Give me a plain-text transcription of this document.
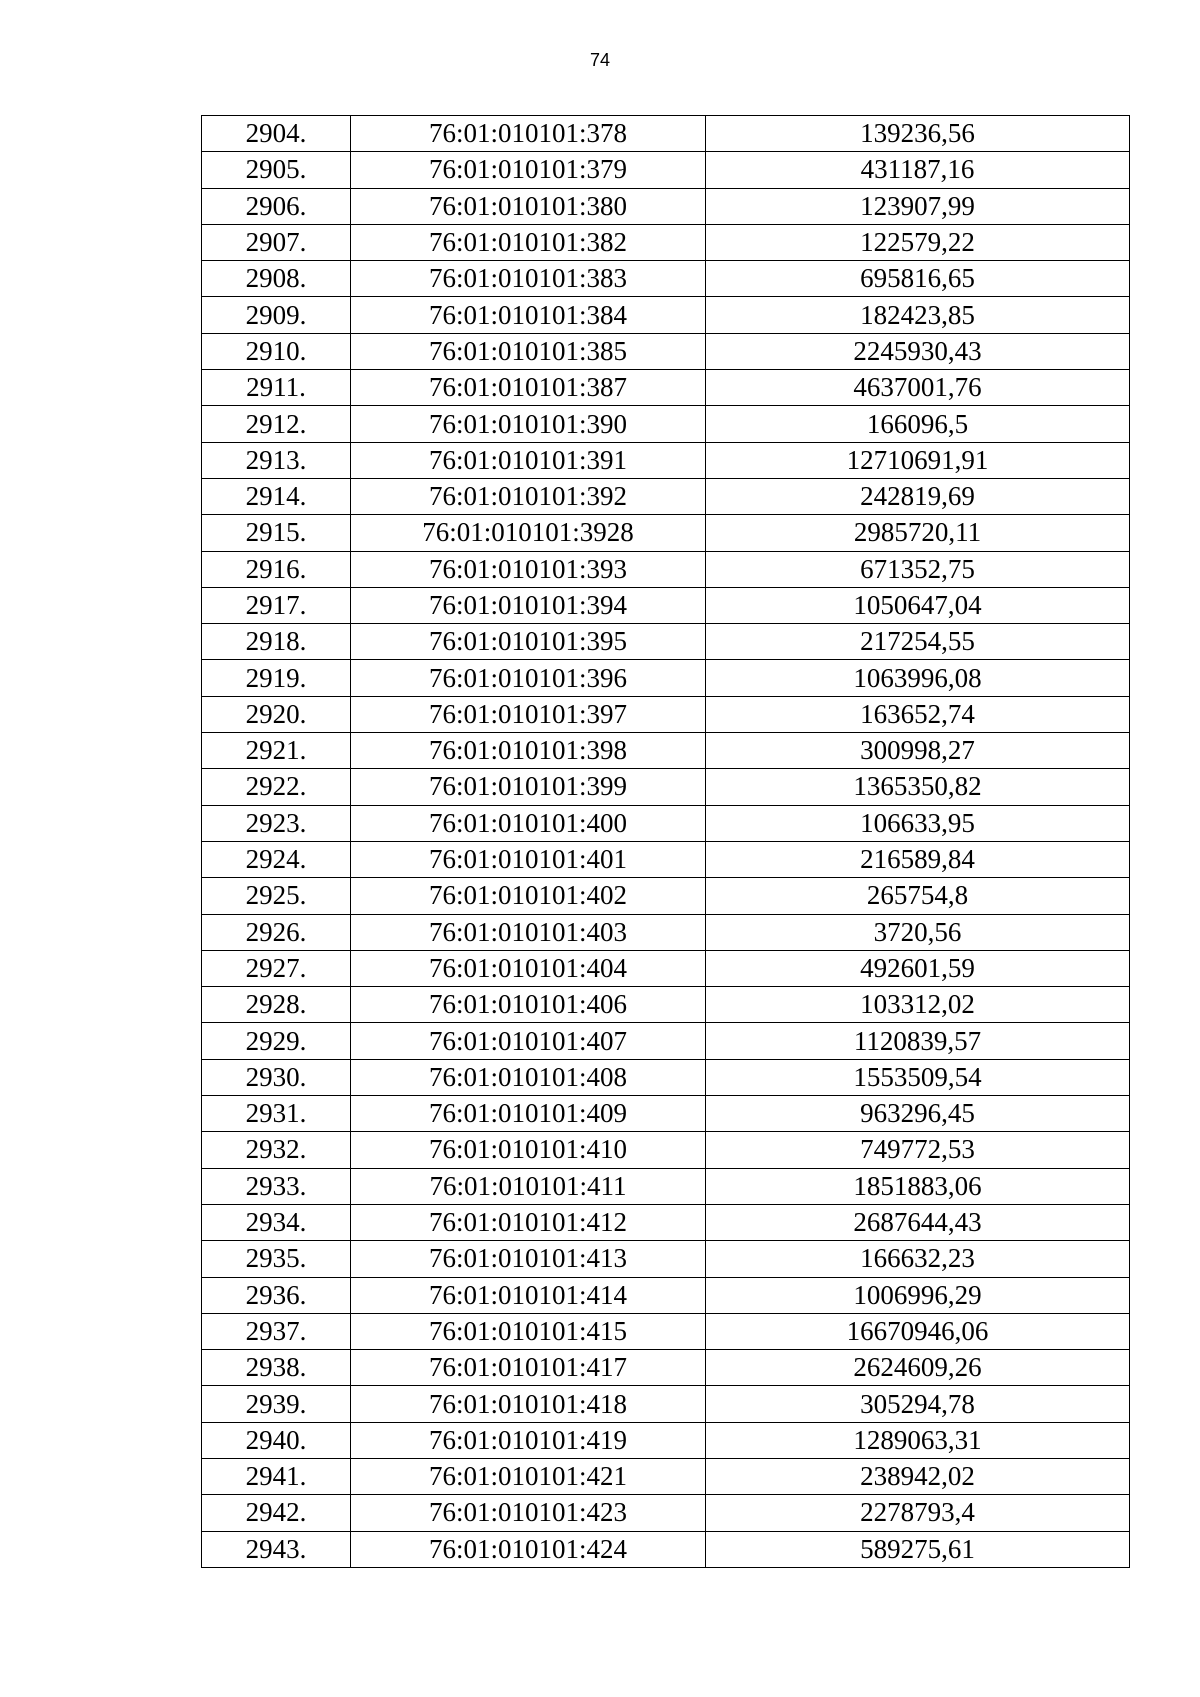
74
2904.	76:01:010101:378	139236,56
2905.	76:01:010101:379	431187,16
2906.	76:01:010101:380	123907,99
2907.	76:01:010101:382	122579,22
2908.	76:01:010101:383	695816,65
2909.	76:01:010101:384	182423,85
2910.	76:01:010101:385	2245930,43
2911.	76:01:010101:387	4637001,76
2912.	76:01:010101:390	166096,5
2913.	76:01:010101:391	12710691,91
2914.	76:01:010101:392	242819,69
2915.	76:01:010101:3928	2985720,11
2916.	76:01:010101:393	671352,75
2917.	76:01:010101:394	1050647,04
2918.	76:01:010101:395	217254,55
2919.	76:01:010101:396	1063996,08
2920.	76:01:010101:397	163652,74
2921.	76:01:010101:398	300998,27
2922.	76:01:010101:399	1365350,82
2923.	76:01:010101:400	106633,95
2924.	76:01:010101:401	216589,84
2925.	76:01:010101:402	265754,8
2926.	76:01:010101:403	3720,56
2927.	76:01:010101:404	492601,59
2928.	76:01:010101:406	103312,02
2929.	76:01:010101:407	1120839,57
2930.	76:01:010101:408	1553509,54
2931.	76:01:010101:409	963296,45
2932.	76:01:010101:410	749772,53
2933.	76:01:010101:411	1851883,06
2934.	76:01:010101:412	2687644,43
2935.	76:01:010101:413	166632,23
2936.	76:01:010101:414	1006996,29
2937.	76:01:010101:415	16670946,06
2938.	76:01:010101:417	2624609,26
2939.	76:01:010101:418	305294,78
2940.	76:01:010101:419	1289063,31
2941.	76:01:010101:421	238942,02
2942.	76:01:010101:423	2278793,4
2943.	76:01:010101:424	589275,61
